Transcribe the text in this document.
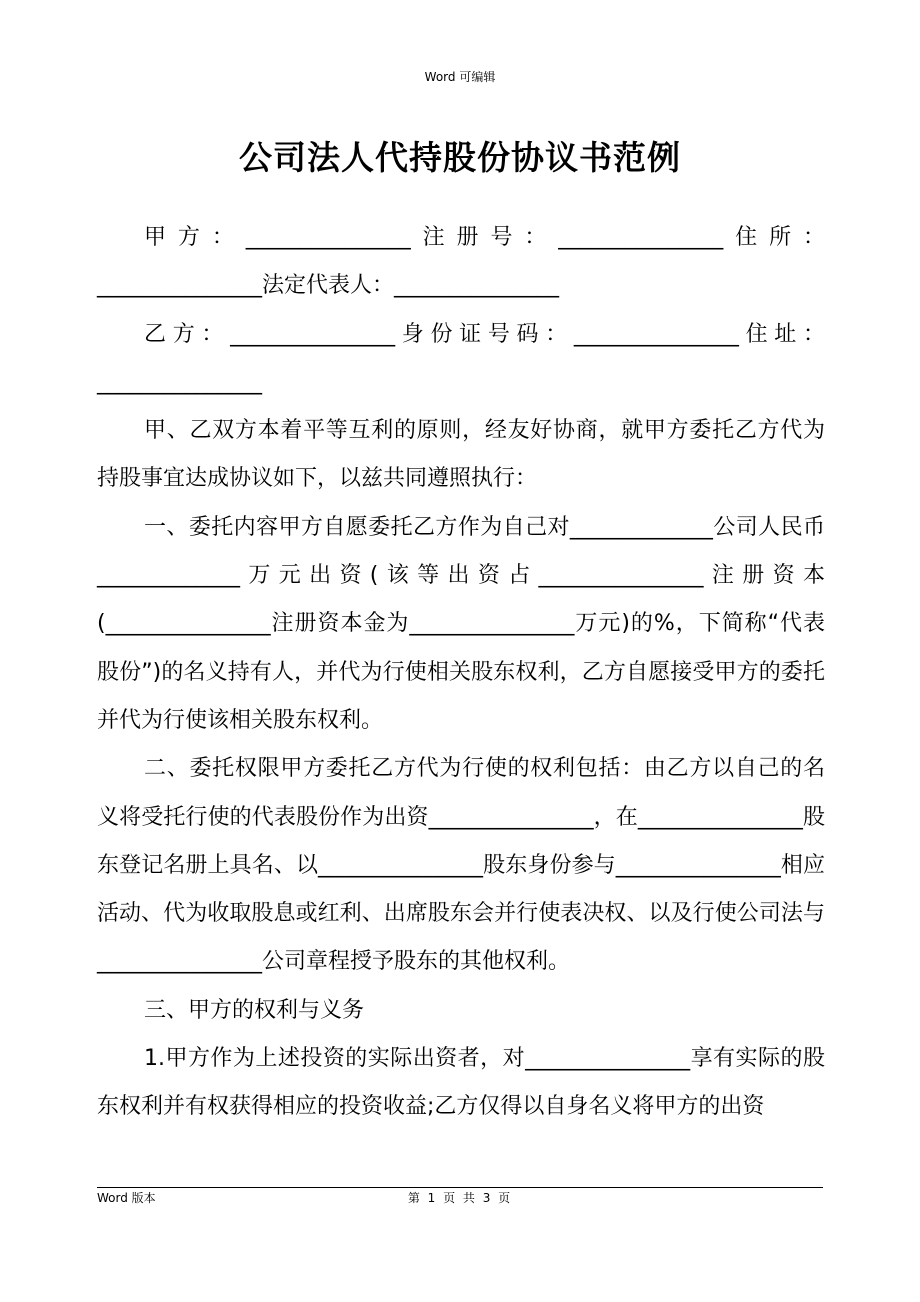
Word 可编辑
公司法人代持股份协议书范例

甲方：_______________注册号：_______________住所：_______________法定代表人：_______________

乙方：_______________身份证号码：_______________住址：_______________

甲、乙双方本着平等互利的原则，经友好协商，就甲方委托乙方代为持股事宜达成协议如下，以兹共同遵照执行：

一、委托内容甲方自愿委托乙方作为自己对_____________公司人民币_____________万元出资(该等出资占_______________注册资本(_______________注册资本金为_______________万元)的%，下简称“代表股份”)的名义持有人，并代为行使相关股东权利，乙方自愿接受甲方的委托并代为行使该相关股东权利。

二、委托权限甲方委托乙方代为行使的权利包括：由乙方以自己的名义将受托行使的代表股份作为出资_______________，在_______________股东登记名册上具名、以_______________股东身份参与_______________相应活动、代为收取股息或红利、出席股东会并行使表决权、以及行使公司法与_______________公司章程授予股东的其他权利。

三、甲方的权利与义务

1.甲方作为上述投资的实际出资者，对_______________享有实际的股东权利并有权获得相应的投资收益;乙方仅得以自身名义将甲方的出资

Word 版本	第 1 页 共 3 页
